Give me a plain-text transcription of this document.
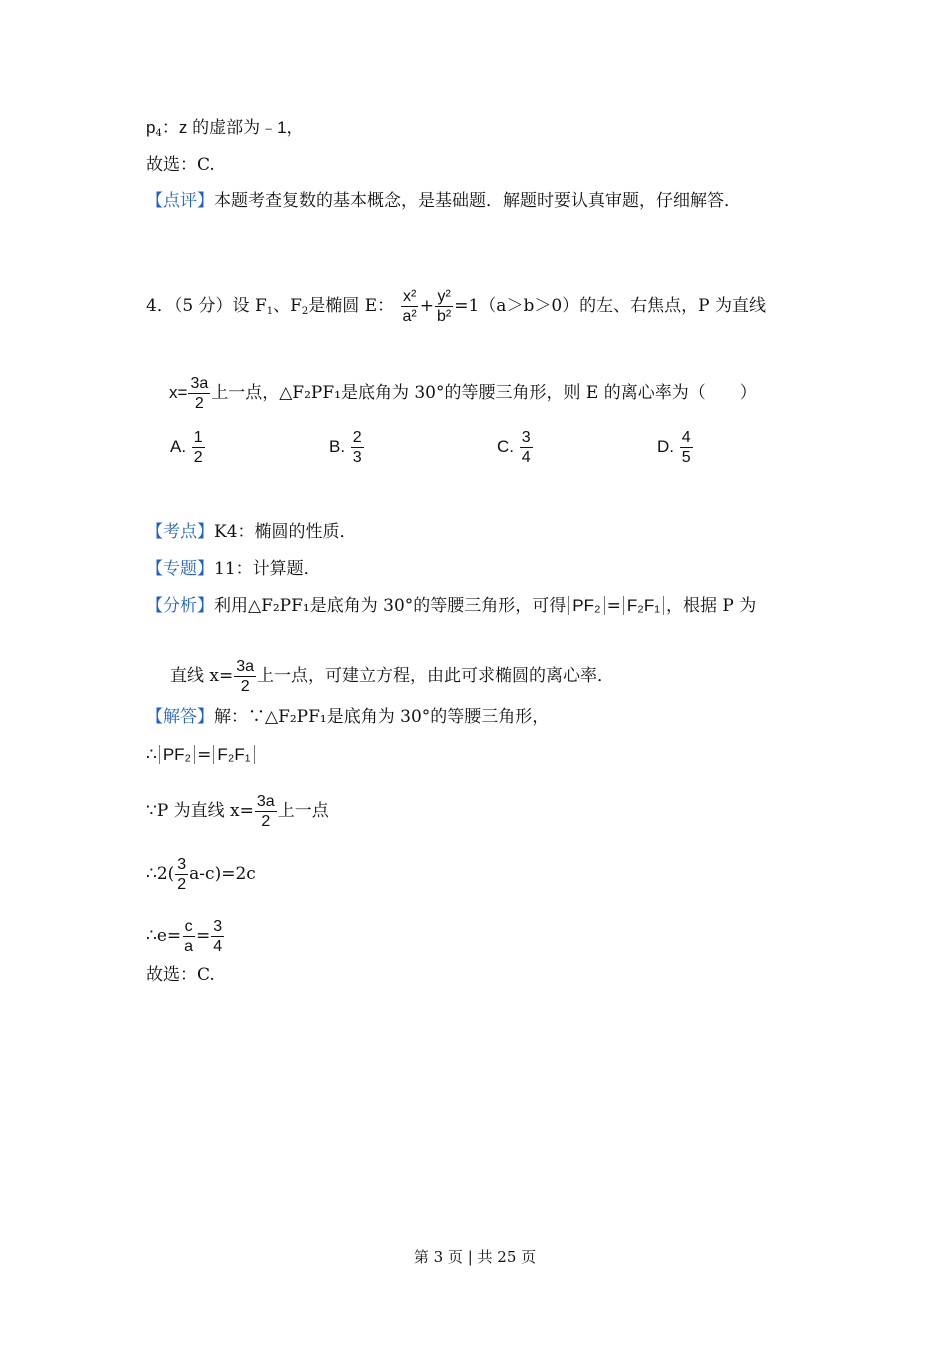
$p_4$：z 的虚部为﹣1，
故选：C.
【点评】本题考查复数的基本概念，是基础题．解题时要认真审题，仔细解答．
4．（5 分）设 $F_1$、$F_2$是椭圆 E： $\frac{\text{x²}}{\text{a²}} + \frac{\text{y²}}{\text{b²}} =1(a>b>0)$的左、右焦点，P 为直线
$x= \frac{3a}{2}$ 上一点，△F₂PF₁是底角为 30°的等腰三角形，则 E 的离心率为（　　）
A. $\frac{1}{2}$	B. $\frac{2}{3}$	C. $\frac{3}{4}$	D. $\frac{4}{5}$
【考点】K4：椭圆的性质．
【专题】11：计算题．
【分析】利用△F₂PF₁是底角为 30°的等腰三角形，可得 PF₂ = F₂F₁ ，根据 P 为
直线 $x= \frac{3a}{2}$ 上一点，可建立方程，由此可求椭圆的离心率．
【解答】解：∵△F₂PF₁是底角为 30°的等腰三角形，
∴ PF₂ = F₂F₁
∵P 为直线 $x= \frac{3a}{2}$ 上一点
∴2( $\frac{3}{2} a-c)=2c$
∴e= $\frac{c}{a} = \frac{3}{4}$
故选：C.
第 3 页 | 共 25 页
